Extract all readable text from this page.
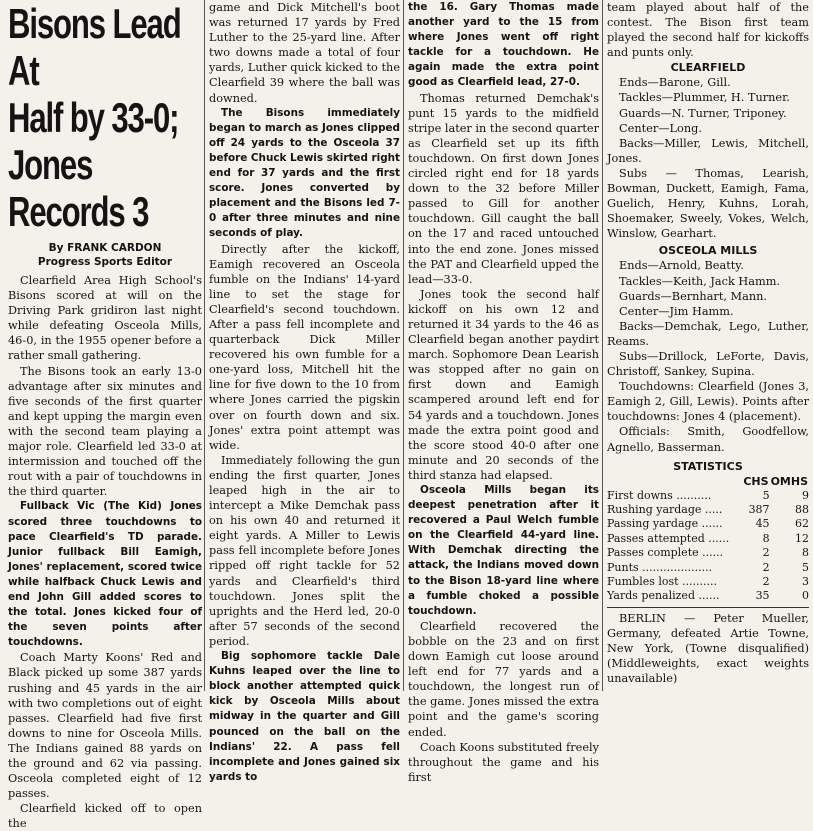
Bisons Lead At
Half by 33-0;
Jones Records 3
By FRANK CARDON
Progress Sports Editor

Clearfield Area High School's Bisons scored at will on the Driving Park gridiron last night while defeating Osceola Mills, 46-0, in the 1955 opener before a rather small gathering.

The Bisons took an early 13-0 advantage after six minutes and five seconds of the first quarter and kept upping the margin even with the second team playing a major role. Clearfield led 33-0 at intermission and touched off the rout with a pair of touchdowns in the third quarter.

Fullback Vic (The Kid) Jones scored three touchdowns to pace Clearfield's TD parade. Junior fullback Bill Eamigh, Jones' replacement, scored twice while halfback Chuck Lewis and end John Gill added scores to the total. Jones kicked four of the seven points after touchdowns.

Coach Marty Koons' Red and Black picked up some 387 yards rushing and 45 yards in the air with two completions out of eight passes. Clearfield had five first downs to nine for Osceola Mills. The Indians gained 88 yards on the ground and 62 via passing. Osceola completed eight of 12 passes.

Clearfield kicked off to open the

game and Dick Mitchell's boot was returned 17 yards by Fred Luther to the 25-yard line. After two downs made a total of four yards, Luther quick kicked to the Clearfield 39 where the ball was downed.

The Bisons immediately began to march as Jones clipped off 24 yards to the Osceola 37 before Chuck Lewis skirted right end for 37 yards and the first score. Jones converted by placement and the Bisons led 7-0 after three minutes and nine seconds of play.

Directly after the kickoff, Eamigh recovered an Osceola fumble on the Indians' 14-yard line to set the stage for Clearfield's second touchdown. After a pass fell incomplete and quarterback Dick Miller recovered his own fumble for a one-yard loss, Mitchell hit the line for five down to the 10 from where Jones carried the pigskin over on fourth down and six. Jones' extra point attempt was wide.

Immediately following the gun ending the first quarter, Jones leaped high in the air to intercept a Mike Demchak pass on his own 40 and returned it eight yards. A Miller to Lewis pass fell incomplete before Jones ripped off right tackle for 52 yards and Clearfield's third touchdown. Jones split the uprights and the Herd led, 20-0 after 57 seconds of the second period.

Big sophomore tackle Dale Kuhns leaped over the line to block another attempted quick kick by Osceola Mills about midway in the quarter and Gill pounced on the ball on the Indians' 22. A pass fell incomplete and Jones gained six yards to

the 16. Gary Thomas made another yard to the 15 from where Jones went off right tackle for a touchdown. He again made the extra point good as Clearfield lead, 27-0.

Thomas returned Demchak's punt 15 yards to the midfield stripe later in the second quarter as Clearfield set up its fifth touchdown. On first down Jones circled right end for 18 yards down to the 32 before Miller passed to Gill for another touchdown. Gill caught the ball on the 17 and raced untouched into the end zone. Jones missed the PAT and Clearfield upped the lead—33-0.

Jones took the second half kickoff on his own 12 and returned it 34 yards to the 46 as Clearfield began another paydirt march. Sophomore Dean Learish was stopped after no gain on first down and Eamigh scampered around left end for 54 yards and a touchdown. Jones made the extra point good and the score stood 40-0 after one minute and 20 seconds of the third stanza had elapsed.

Osceola Mills began its deepest penetration after it recovered a Paul Welch fumble on the Clearfield 44-yard line. With Demchak directing the attack, the Indians moved down to the Bison 18-yard line where a fumble choked a possible touchdown.

Clearfield recovered the bobble on the 23 and on first down Eamigh cut loose around left end for 77 yards and a touchdown, the longest run of the game. Jones missed the extra point and the game's scoring ended.

Coach Koons substituted freely throughout the game and his first

team played about half of the contest. The Bison first team played the second half for kickoffs and punts only.

CLEARFIELD

Ends—Barone, Gill.

Tackles—Plummer, H. Turner.

Guards—N. Turner, Triponey.

Center—Long.

Backs—Miller, Lewis, Mitchell, Jones.

Subs — Thomas, Learish, Bowman, Duckett, Eamigh, Fama, Guelich, Henry, Kuhns, Lorah, Shoemaker, Sweely, Vokes, Welch, Winslow, Gearhart.

OSCEOLA MILLS

Ends—Arnold, Beatty.

Tackles—Keith, Jack Hamm.

Guards—Bernhart, Mann.

Center—Jim Hamm.

Backs—Demchak, Lego, Luther, Reams.

Subs—Drillock, LeForte, Davis, Christoff, Sankey, Supina.

Touchdowns: Clearfield (Jones 3, Eamigh 2, Gill, Lewis). Points after touchdowns: Jones 4 (placement).

Officials: Smith, Goodfellow, Agnello, Basserman.

STATISTICS
	CHS	OMHS
First downs ..........	5	9
Rushing yardage .....	387	88
Passing yardage ......	45	62
Passes attempted ......	8	12
Passes complete ......	2	8
Punts ....................	2	5
Fumbles lost ..........	2	3
Yards penalized ......	35	0

BERLIN — Peter Mueller, Germany, defeated Artie Towne, New York, (Towne disqualified) (Middleweights, exact weights unavailable)
